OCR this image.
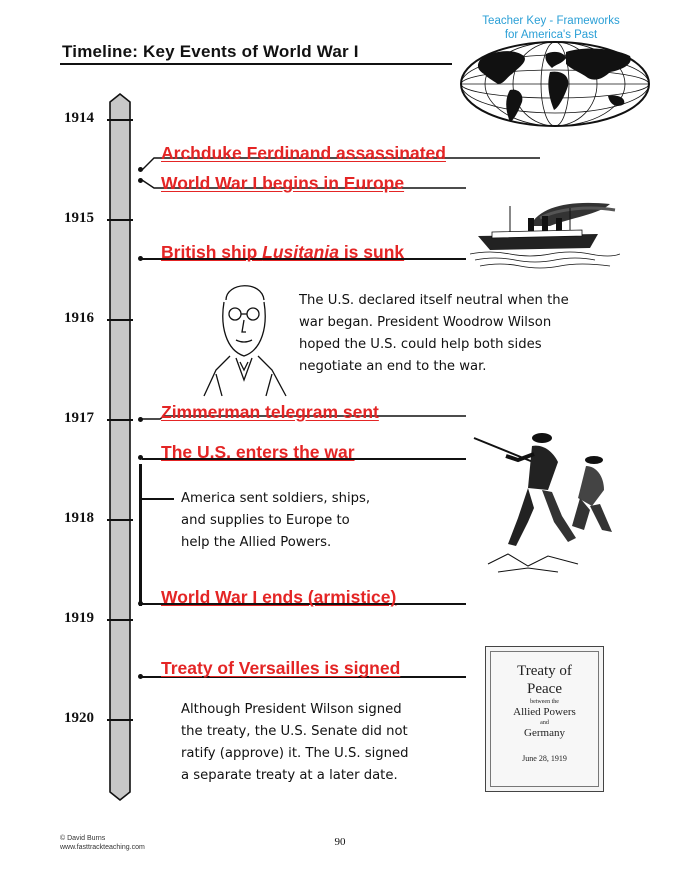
Teacher Key - Frameworks
for America's Past
Timeline: Key Events of World War I
1914
1915
1916
1917
1918
1919
1920
Archduke Ferdinand assassinated
World War I begins in Europe
British ship Lusitania is sunk
The U.S. declared itself neutral when the
war began. President Woodrow Wilson
hoped the U.S. could help both sides
negotiate an end to the war.
Zimmerman telegram sent
The U.S. enters the war
America sent soldiers, ships,
and supplies to Europe to
help the Allied Powers.
World War I ends (armistice)
Treaty of Versailles is signed
Although President Wilson signed
the treaty, the U.S. Senate did not
ratify (approve) it. The U.S. signed
a separate treaty at a later date.
Treaty of
Peace
between the
Allied Powers
and
Germany
June 28, 1919
© David Burns
www.fasttrackteaching.com	90
